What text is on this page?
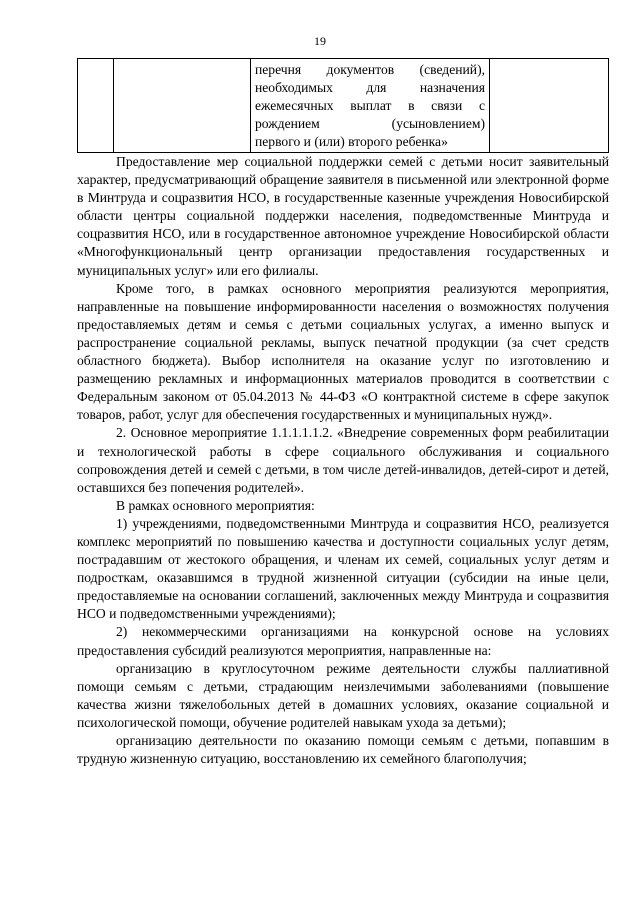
19

перечня документов (сведений),
необходимых для назначения
ежемесячных выплат в связи с
рождением (усыновлением)
первого и (или) второго ребенка»

Предоставление мер социальной поддержки семей с детьми носит заявительный характер, предусматривающий обращение заявителя в письменной или электронной форме в Минтруда и соцразвития НСО, в государственные казенные учреждения Новосибирской области центры социальной поддержки населения, подведомственные Минтруда и соцразвития НСО, или в государственное автономное учреждение Новосибирской области «Многофункциональный центр организации предоставления государственных и муниципальных услуг» или его филиалы.

Кроме того, в рамках основного мероприятия реализуются мероприятия, направленные на повышение информированности населения о возможностях получения предоставляемых детям и семья с детьми социальных услугах, а именно выпуск и распространение социальной рекламы, выпуск печатной продукции (за счет средств областного бюджета). Выбор исполнителя на оказание услуг по изготовлению и размещению рекламных и информационных материалов проводится в соответствии с Федеральным законом от 05.04.2013 № 44-ФЗ «О контрактной системе в сфере закупок товаров, работ, услуг для обеспечения государственных и муниципальных нужд».

2. Основное мероприятие 1.1.1.1.1.2. «Внедрение современных форм реабилитации и технологической работы в сфере социального обслуживания и социального сопровождения детей и семей с детьми, в том числе детей-инвалидов, детей-сирот и детей, оставшихся без попечения родителей».

В рамках основного мероприятия:

1) учреждениями, подведомственными Минтруда и соцразвития НСО, реализуется комплекс мероприятий по повышению качества и доступности социальных услуг детям, пострадавшим от жестокого обращения, и членам их семей, социальных услуг детям и подросткам, оказавшимся в трудной жизненной ситуации (субсидии на иные цели, предоставляемые на основании соглашений, заключенных между Минтруда и соцразвития НСО и подведомственными учреждениями);

2) некоммерческими организациями на конкурсной основе на условиях предоставления субсидий реализуются мероприятия, направленные на:

организацию в круглосуточном режиме деятельности службы паллиативной помощи семьям с детьми, страдающим неизлечимыми заболеваниями (повышение качества жизни тяжелобольных детей в домашних условиях, оказание социальной и психологической помощи, обучение родителей навыкам ухода за детьми);

организацию деятельности по оказанию помощи семьям с детьми, попавшим в трудную жизненную ситуацию, восстановлению их семейного благополучия;
